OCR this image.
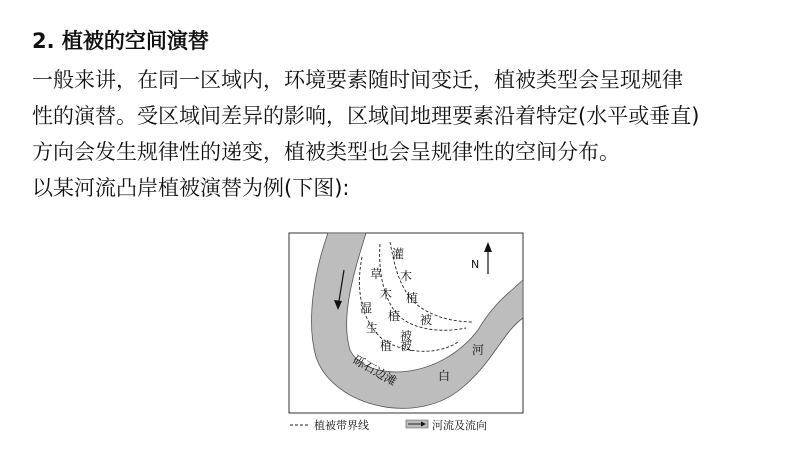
2. 植被的空间演替
一般来讲，在同一区域内，环境要素随时间变迁，植被类型会呈现规律
性的演替。受区域间差异的影响，区域间地理要素沿着特定(水平或垂直)
方向会发生规律性的递变，植被类型也会呈规律性的空间分布。
以某河流凸岸植被演替为例(下图):
N
灌
木
植
被
草
木
植
被
湿
生
植 被
砾石边滩
河
白
植被带界线	河流及流向
